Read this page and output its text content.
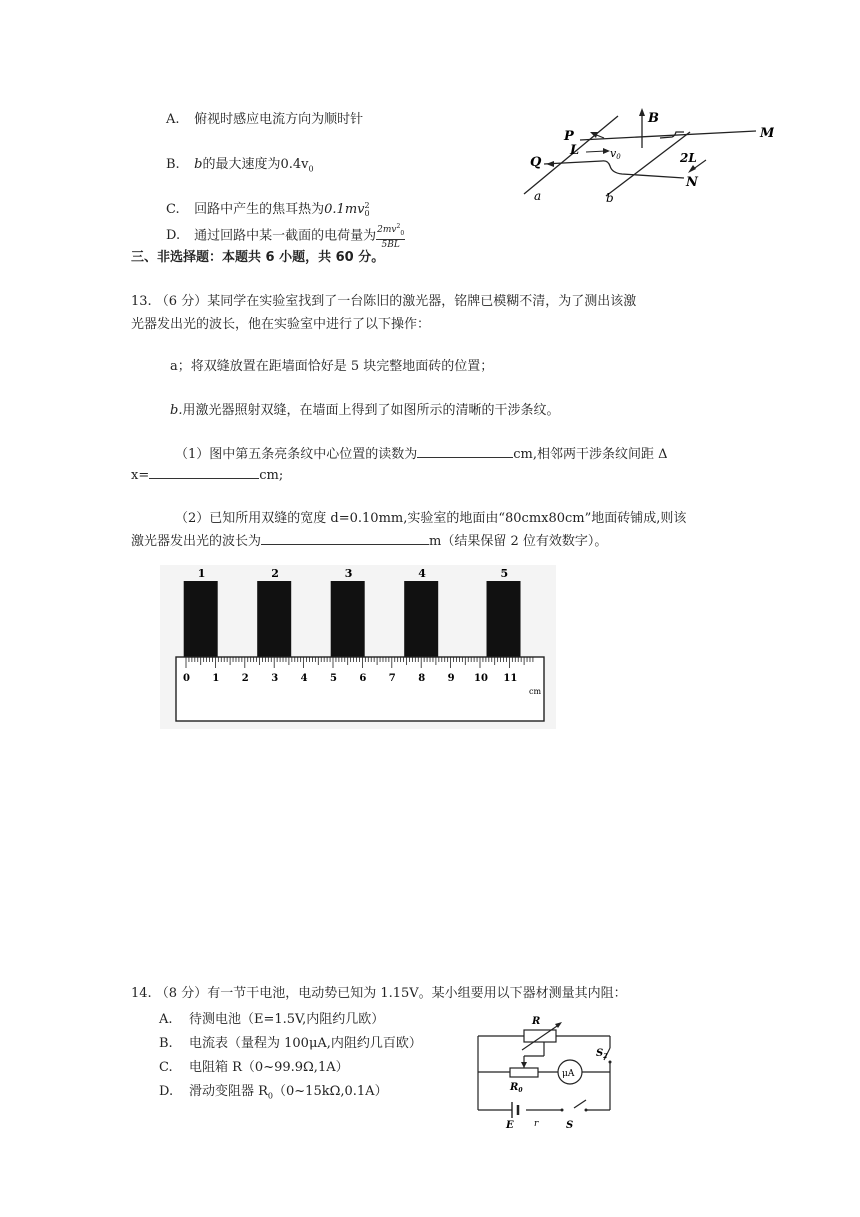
A. 俯视时感应电流方向为顺时针
B. b的最大速度为$0.4v_0$
C. 回路中产生的焦耳热为0.1mv 2
0
D. 通过回路中某一截面的电荷量为 $\frac{2mv^2_0}{5BL}$
P
Q
M
N
B
L	v0	2L
a	b
三、非选择题：本题共 6 小题，共 60 分。
13. （6 分）某同学在实验室找到了一台陈旧的激光器，铭牌已模糊不清，为了测出该激
光器发出光的波长，他在实验室中进行了以下操作：
a；将双缝放置在距墙面恰好是 5 块完整地面砖的位置；
b.用激光器照射双缝，在墙面上得到了如图所示的清晰的干涉条纹。
（1）图中第五条亮条纹中心位置的读数为	cm,相邻两干涉条纹间距 Δ
x=	cm;
（2）已知所用双缝的宽度 d=0.10mm,实验室的地面由“80cmx80cm”地面砖铺成,则该
激光器发出光的波长为	m（结果保留 2 位有效数字）。
1	2	3	4	5
0 1 2 3 4 5 6 7 8 9 10 11
cm
14. （8 分）有一节干电池，电动势已知为 1.15V。某小组要用以下器材测量其内阻：
A. 待测电池（E=1.5V,内阻约几欧）
B. 电流表（量程为 100μA,内阻约几百欧）
C. 电阻箱 R（0~99.9Ω,1A）
D. 滑动变阻器 $R_0(0\sim 15k\Omega,0.1A)$
μA
R
$R_0$
$S_2$
E r	S
